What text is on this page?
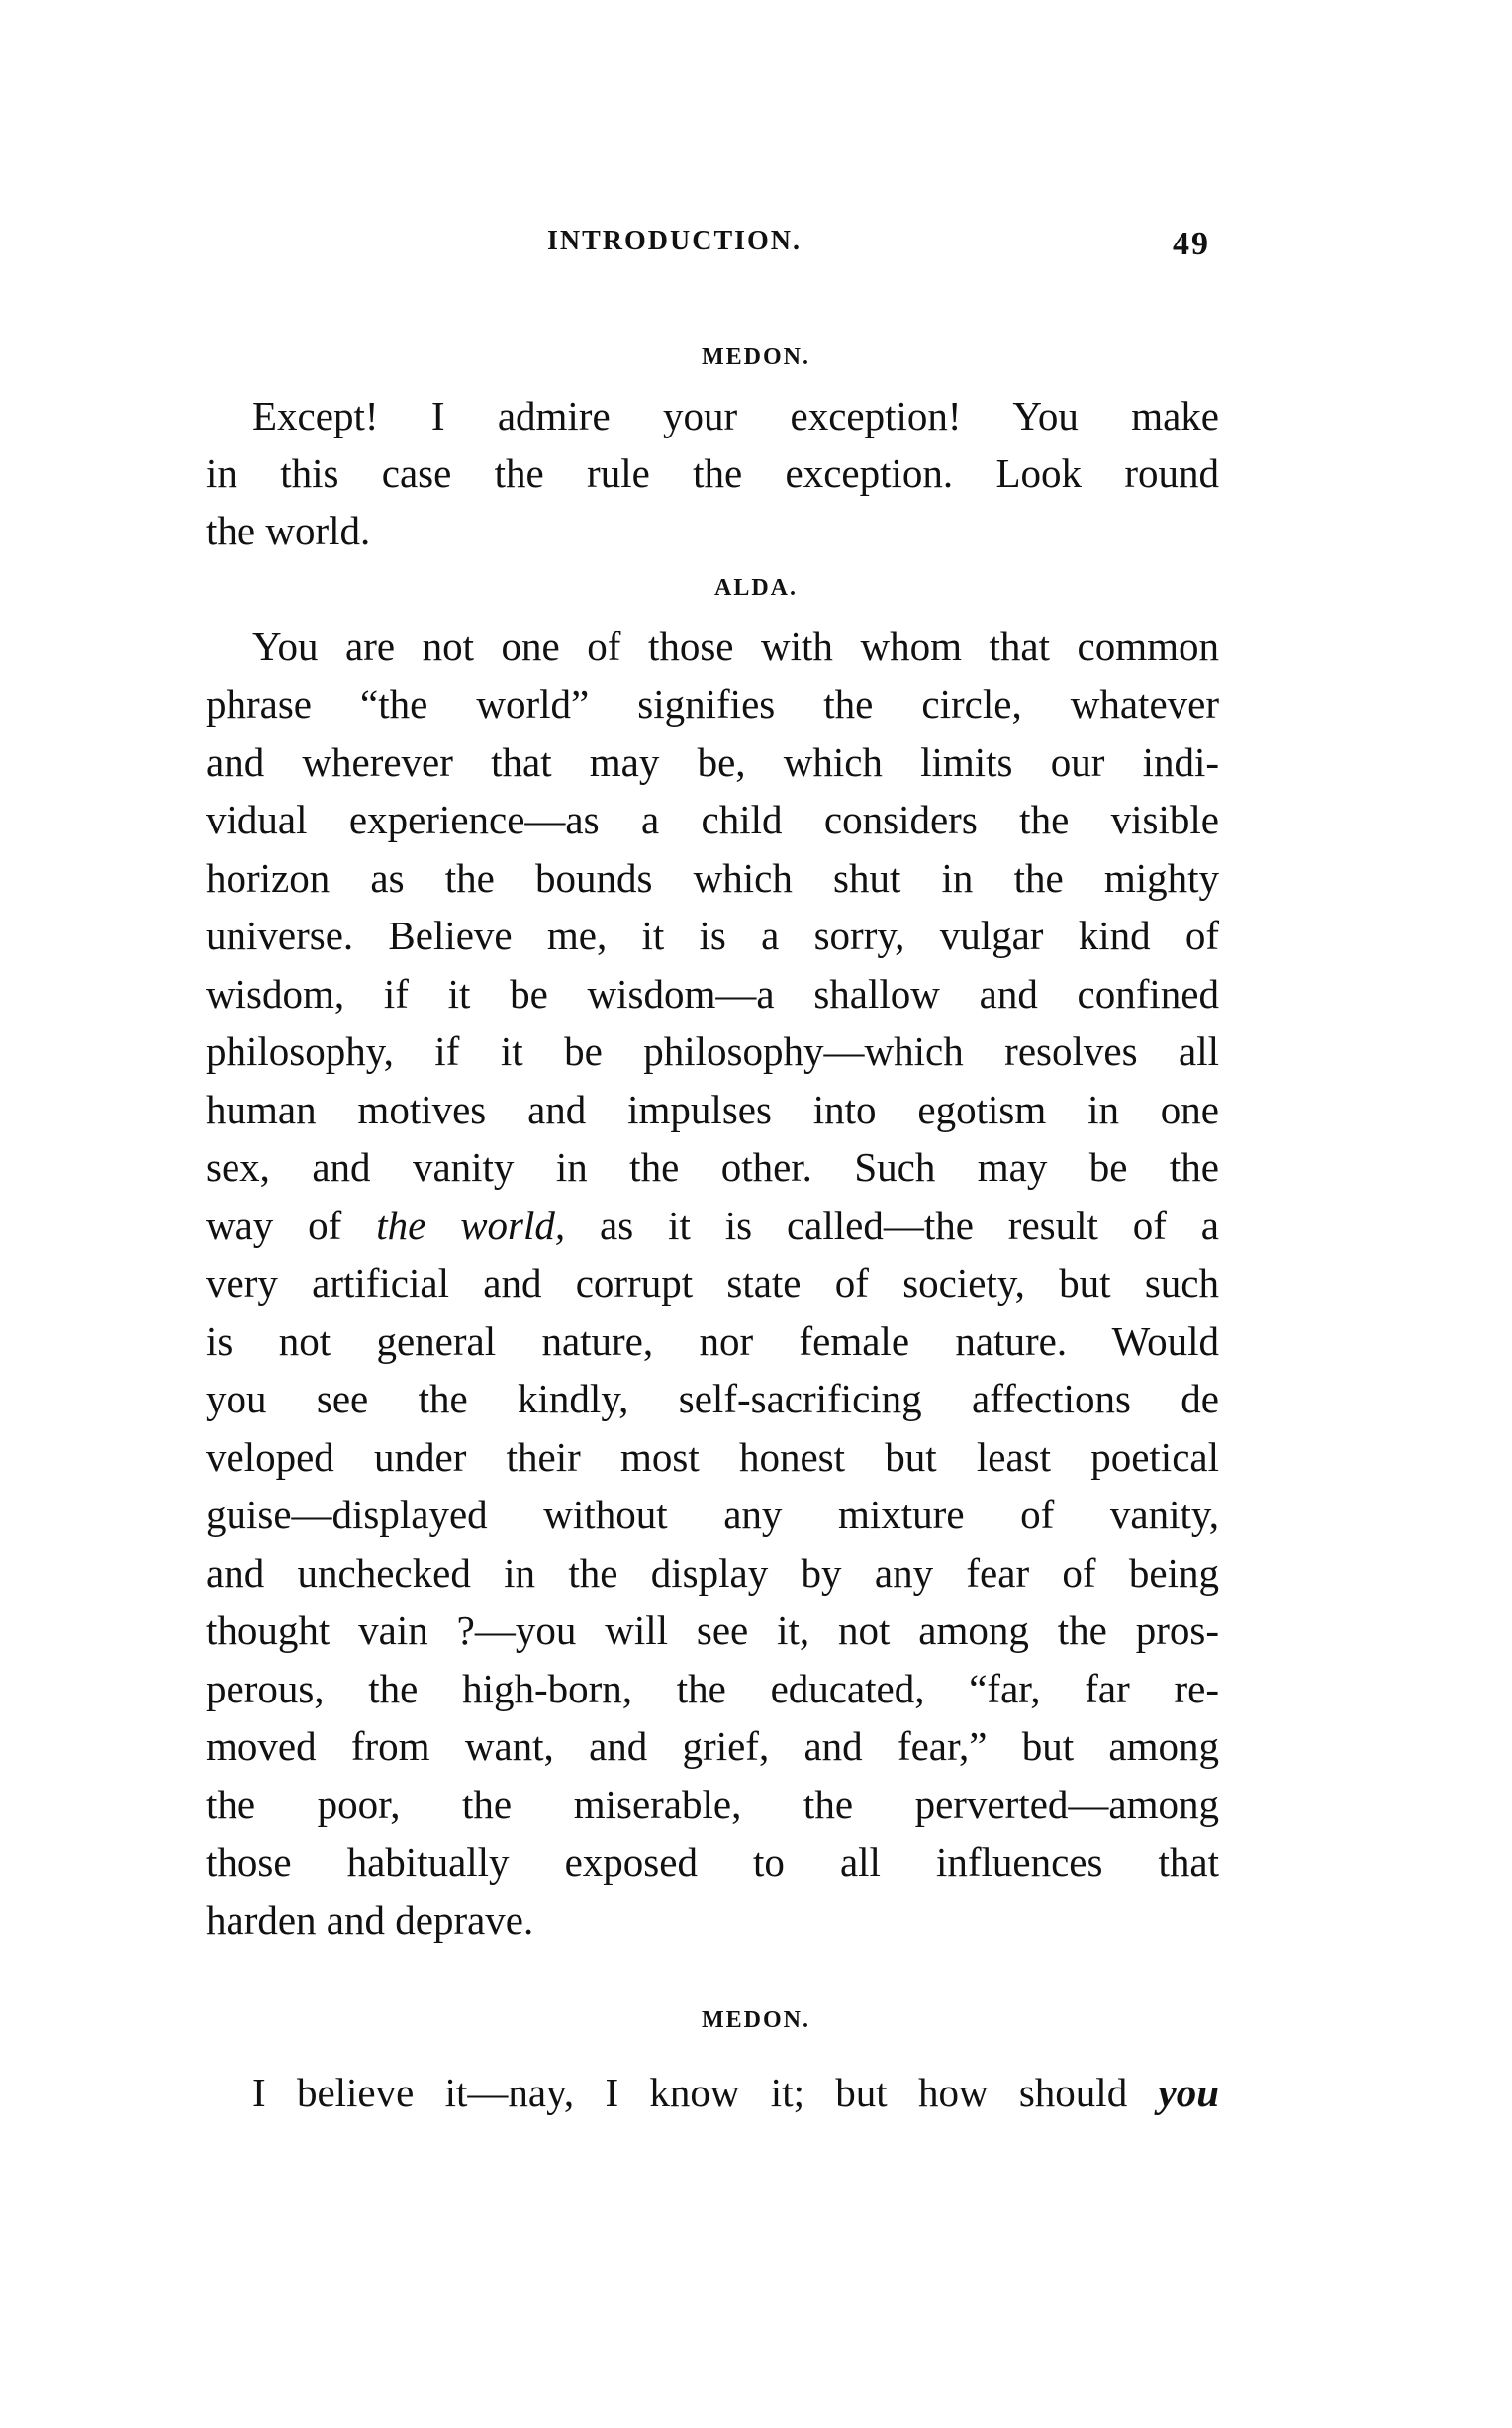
INTRODUCTION.	49
MEDON.
Except! I admire your exception! You make
in this case the rule the exception. Look round
the world.
ALDA.
You are not one of those with whom that common
phrase “the world” signifies the circle, whatever
and wherever that may be, which limits our indi-
vidual experience—as a child considers the visible
horizon as the bounds which shut in the mighty
universe. Believe me, it is a sorry, vulgar kind of
wisdom, if it be wisdom—a shallow and confined
philosophy, if it be philosophy—which resolves all
human motives and impulses into egotism in one
sex, and vanity in the other. Such may be the
way of the world, as it is called—the result of a
very artificial and corrupt state of society, but such
is not general nature, nor female nature. Would
you see the kindly, self-sacrificing affections de
veloped under their most honest but least poetical
guise—displayed without any mixture of vanity,
and unchecked in the display by any fear of being
thought vain ?—you will see it, not among the pros-
perous, the high-born, the educated, “far, far re-
moved from want, and grief, and fear,” but among
the poor, the miserable, the perverted—among
those habitually exposed to all influences that
harden and deprave.
MEDON.
I believe it—nay, I know it; but how should you
